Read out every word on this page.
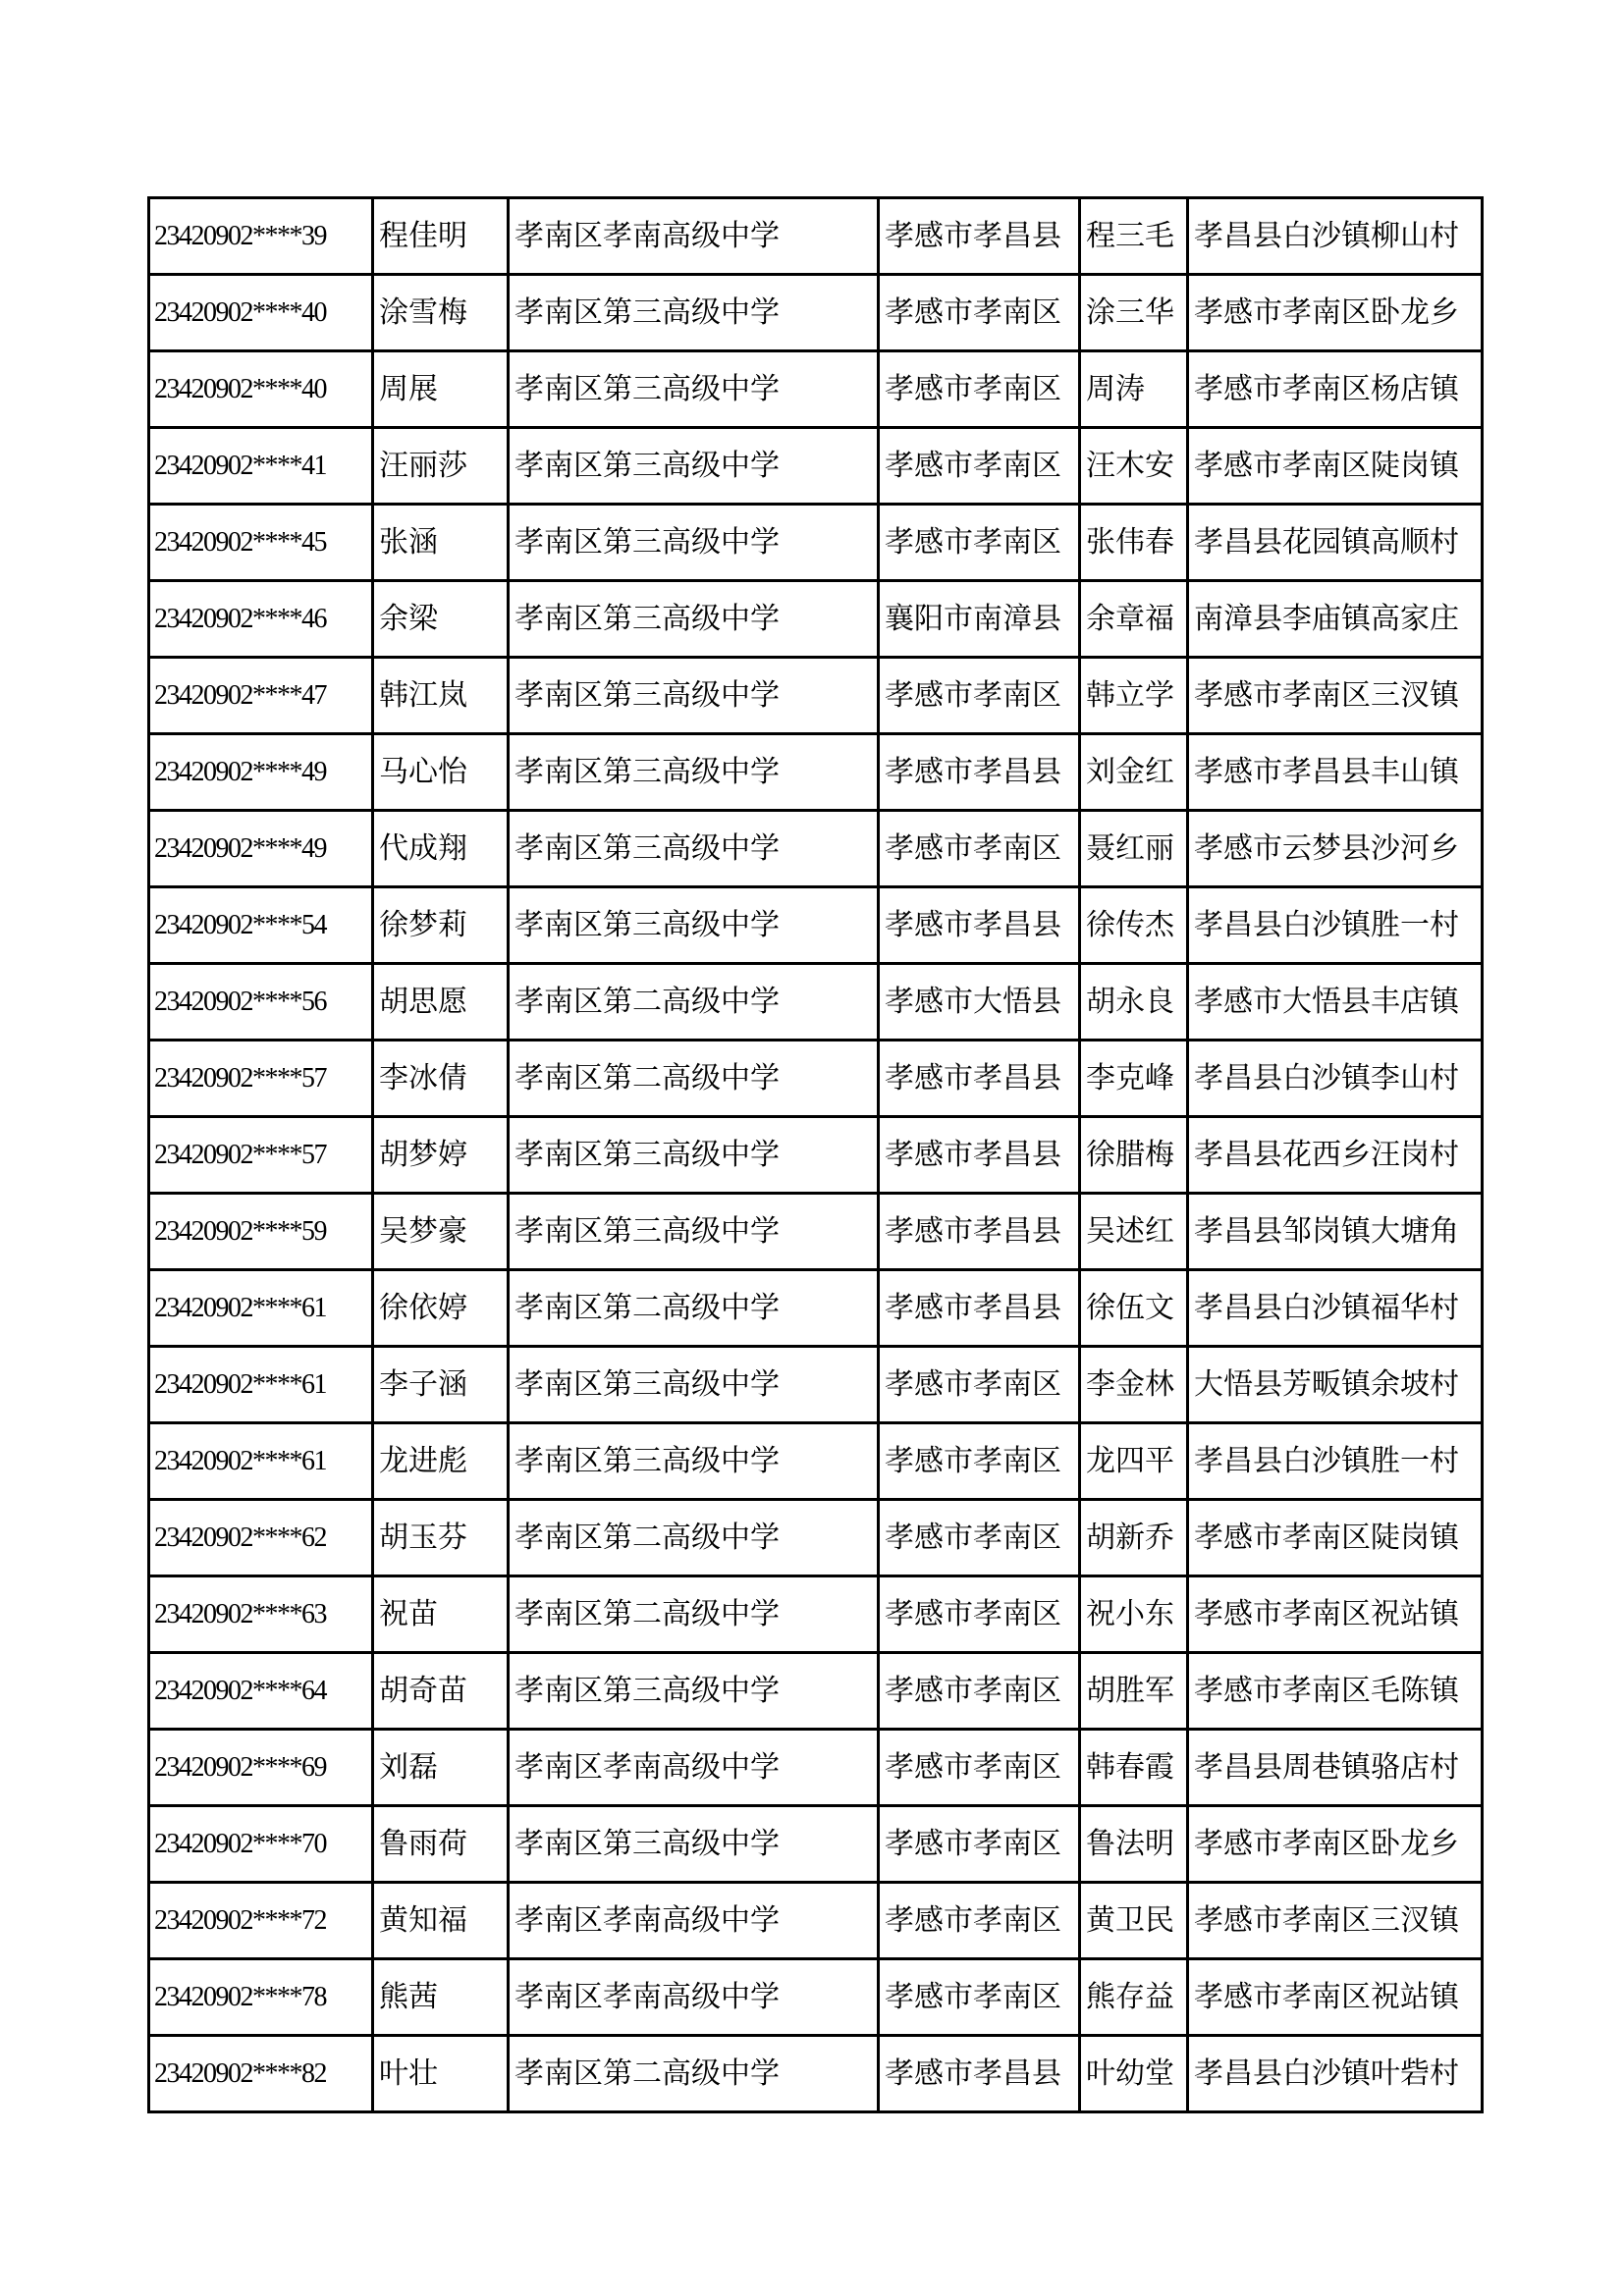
23420902****39	程佳明	孝南区孝南高级中学	孝感市孝昌县	程三毛	孝昌县白沙镇柳山村
23420902****40	涂雪梅	孝南区第三高级中学	孝感市孝南区	涂三华	孝感市孝南区卧龙乡
23420902****40	周展	孝南区第三高级中学	孝感市孝南区	周涛	孝感市孝南区杨店镇
23420902****41	汪丽莎	孝南区第三高级中学	孝感市孝南区	汪木安	孝感市孝南区陡岗镇
23420902****45	张涵	孝南区第三高级中学	孝感市孝南区	张伟春	孝昌县花园镇高顺村
23420902****46	余梁	孝南区第三高级中学	襄阳市南漳县	余章福	南漳县李庙镇高家庄
23420902****47	韩江岚	孝南区第三高级中学	孝感市孝南区	韩立学	孝感市孝南区三汊镇
23420902****49	马心怡	孝南区第三高级中学	孝感市孝昌县	刘金红	孝感市孝昌县丰山镇
23420902****49	代成翔	孝南区第三高级中学	孝感市孝南区	聂红丽	孝感市云梦县沙河乡
23420902****54	徐梦莉	孝南区第三高级中学	孝感市孝昌县	徐传杰	孝昌县白沙镇胜一村
23420902****56	胡思愿	孝南区第二高级中学	孝感市大悟县	胡永良	孝感市大悟县丰店镇
23420902****57	李冰倩	孝南区第二高级中学	孝感市孝昌县	李克峰	孝昌县白沙镇李山村
23420902****57	胡梦婷	孝南区第三高级中学	孝感市孝昌县	徐腊梅	孝昌县花西乡汪岗村
23420902****59	吴梦豪	孝南区第三高级中学	孝感市孝昌县	吴述红	孝昌县邹岗镇大塘角
23420902****61	徐依婷	孝南区第二高级中学	孝感市孝昌县	徐伍文	孝昌县白沙镇福华村
23420902****61	李子涵	孝南区第三高级中学	孝感市孝南区	李金林	大悟县芳畈镇余坡村
23420902****61	龙进彪	孝南区第三高级中学	孝感市孝南区	龙四平	孝昌县白沙镇胜一村
23420902****62	胡玉芬	孝南区第二高级中学	孝感市孝南区	胡新乔	孝感市孝南区陡岗镇
23420902****63	祝苗	孝南区第二高级中学	孝感市孝南区	祝小东	孝感市孝南区祝站镇
23420902****64	胡奇苗	孝南区第三高级中学	孝感市孝南区	胡胜军	孝感市孝南区毛陈镇
23420902****69	刘磊	孝南区孝南高级中学	孝感市孝南区	韩春霞	孝昌县周巷镇骆店村
23420902****70	鲁雨荷	孝南区第三高级中学	孝感市孝南区	鲁法明	孝感市孝南区卧龙乡
23420902****72	黄知福	孝南区孝南高级中学	孝感市孝南区	黄卫民	孝感市孝南区三汊镇
23420902****78	熊茜	孝南区孝南高级中学	孝感市孝南区	熊存益	孝感市孝南区祝站镇
23420902****82	叶壮	孝南区第二高级中学	孝感市孝昌县	叶幼堂	孝昌县白沙镇叶砦村
